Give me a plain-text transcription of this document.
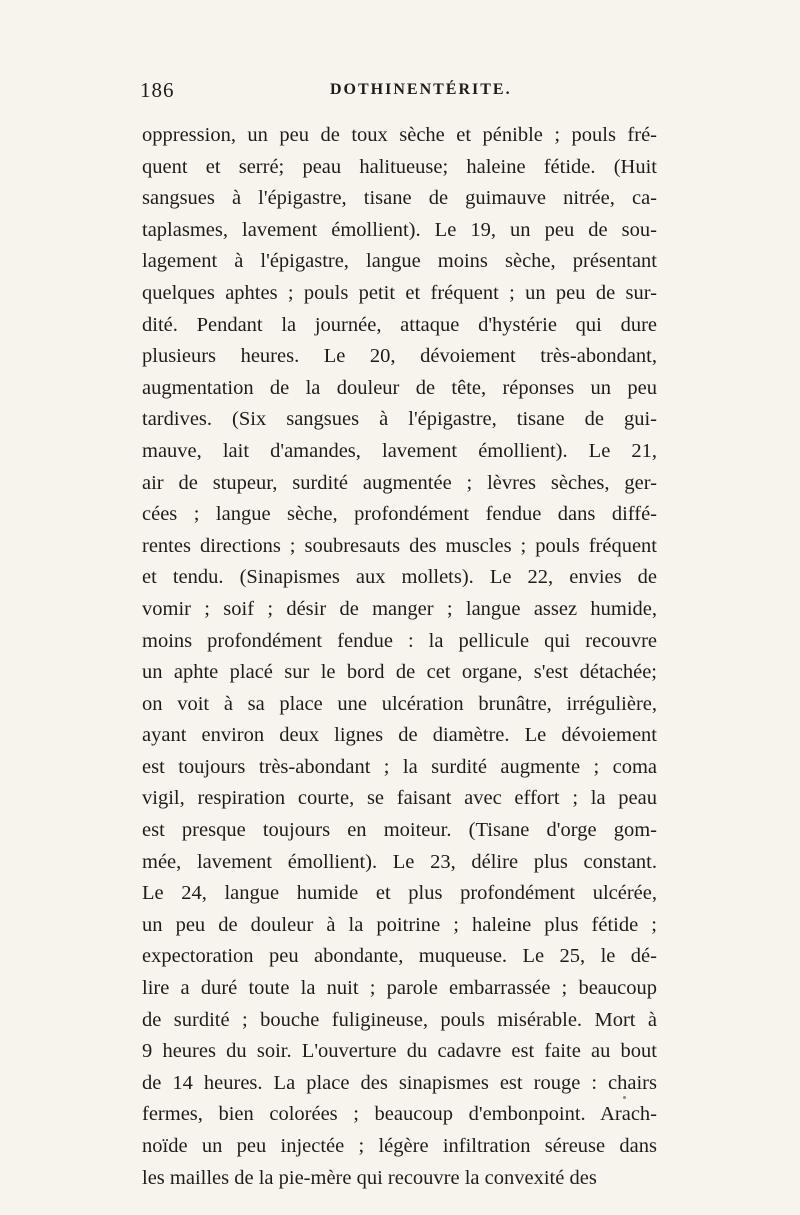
186	DOTHINENTÉRITE.
oppression, un peu de toux sèche et pénible ; pouls fré-
quent et serré; peau halitueuse; haleine fétide. (Huit
sangsues à l'épigastre, tisane de guimauve nitrée, ca-
taplasmes, lavement émollient). Le 19, un peu de sou-
lagement à l'épigastre, langue moins sèche, présentant
quelques aphtes ; pouls petit et fréquent ; un peu de sur-
dité. Pendant la journée, attaque d'hystérie qui dure
plusieurs heures. Le 20, dévoiement très-abondant,
augmentation de la douleur de tête, réponses un peu
tardives. (Six sangsues à l'épigastre, tisane de gui-
mauve, lait d'amandes, lavement émollient). Le 21,
air de stupeur, surdité augmentée ; lèvres sèches, ger-
cées ; langue sèche, profondément fendue dans diffé-
rentes directions ; soubresauts des muscles ; pouls fréquent
et tendu. (Sinapismes aux mollets). Le 22, envies de
vomir ; soif ; désir de manger ; langue assez humide,
moins profondément fendue : la pellicule qui recouvre
un aphte placé sur le bord de cet organe, s'est détachée;
on voit à sa place une ulcération brunâtre, irrégulière,
ayant environ deux lignes de diamètre. Le dévoiement
est toujours très-abondant ; la surdité augmente ; coma
vigil, respiration courte, se faisant avec effort ; la peau
est presque toujours en moiteur. (Tisane d'orge gom-
mée, lavement émollient). Le 23, délire plus constant.
Le 24, langue humide et plus profondément ulcérée,
un peu de douleur à la poitrine ; haleine plus fétide ;
expectoration peu abondante, muqueuse. Le 25, le dé-
lire a duré toute la nuit ; parole embarrassée ; beaucoup
de surdité ; bouche fuligineuse, pouls misérable. Mort à
9 heures du soir. L'ouverture du cadavre est faite au bout
de 14 heures. La place des sinapismes est rouge : chairs
fermes, bien colorées ; beaucoup d'embonpoint. Arach-
noïde un peu injectée ; légère infiltration séreuse dans
les mailles de la pie-mère qui recouvre la convexité des
